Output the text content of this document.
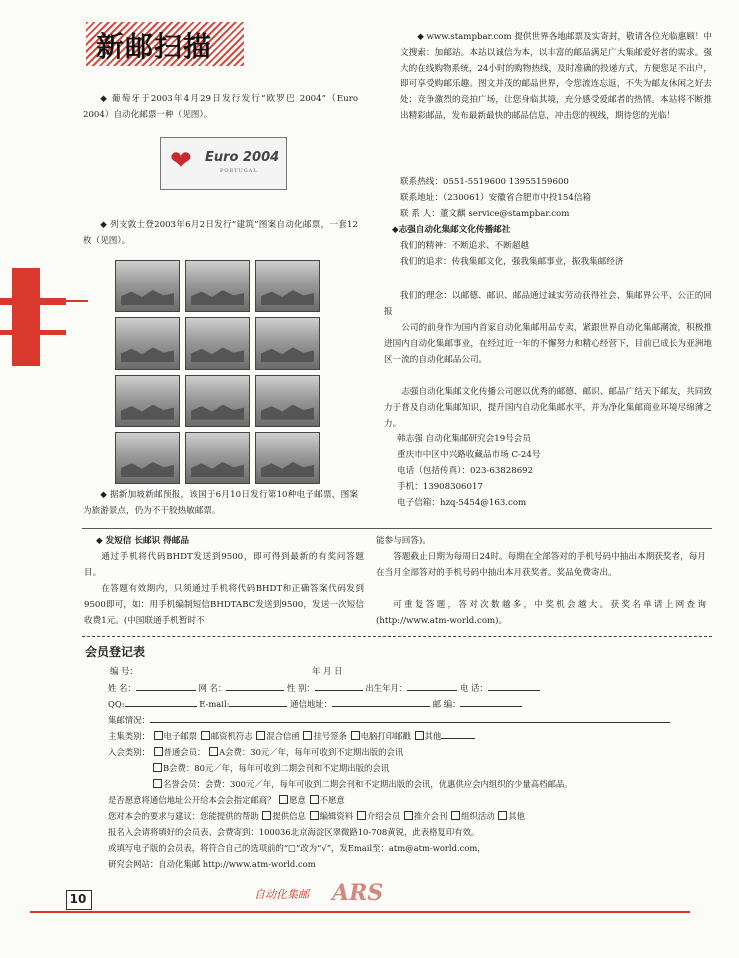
新邮扫描

◆ 葡萄牙于2003年4月29日发行发行“欧罗巴 2004”（Euro 2004）自动化邮票一种（见图）。

❤ Euro 2004
PORTUGAL

◆ 列支敦士登2003年6月2日发行“建筑”图案自动化邮票，一套12枚（见图）。

◆ 据新加坡新邮预报，该国于6月10日发行第10种电子邮票，图案为旅游景点，仍为不干胶热敏邮票。

◆ www.stampbar.com 提供世界各地邮票及实寄封，敬请各位光临惠顾！中文搜索：加邮站。本站以诚信为本，以丰富的邮品满足广大集邮爱好者的需求。强大的在线购物系统，24小时的购物热线，及时准确的投递方式，方便您足不出户，即可享受购邮乐趣。图文并茂的邮品世界，令您流连忘返，不失为邮友休闲之好去处；竞争激烈的竞拍广场，让您身临其境，充分感受爱邮者的热情。本站将不断推出精彩邮品，发布最新最快的邮品信息，冲击您的视线，期待您的光临！

联系热线：0551-5519600 13955159600

联系地址：（230061）安徽省合肥市中投154信箱

联 系 人：董文麒 service@stampbar.com

◆志强自动化集邮文化传播邮社

我们的精神：不断追求、不断超越

我们的追求：传我集邮文化，强我集邮事业，振我集邮经济

我们的理念：以邮德、邮识、邮品通过诚实劳动获得社会、集邮界公平、公正的回报

公司的前身作为国内首家自动化集邮用品专卖，紧跟世界自动化集邮潮流，积极推进国内自动化集邮事业，在经过近一年的不懈努力和精心经营下，目前已成长为亚洲地区一流的自动化邮品公司。

志强自动化集邮文化传播公司愿以优秀的邮德、邮识、邮品广结天下邮友，共同致力于普及自动化集邮知识，提升国内自动化集邮水平，并为净化集邮商业环境尽绵薄之力。

韩志强 自动化集邮研究会19号会员

重庆市中区中兴路收藏品市场 C-24号

电话（包括传真）：023-63828692

手机：13908306017

电子信箱：hzq-5454@163.com

◆ 发短信 长邮识 得邮品

通过手机将代码BHDT发送到9500，即可得到最新的有奖问答题目。

在答题有效期内，只须通过手机将代码BHDT和正确答案代码发到9500即可，如：用手机编制短信BHDTABC发送到9500，发送一次短信收费1元。(中国联通手机暂时不

能参与回答)。

答题截止日期为每周日24时。每期在全部答对的手机号码中抽出本期获奖者，每月在当月全部答对的手机号码中抽出本月获奖者。奖品免费寄出。

可重复答题，答对次数越多，中奖机会越大。获奖名单请上网查询(http://www.atm-world.com)。

会员登记表
编 号：	年 月 日
姓 名：	网 名：	性 别：	出生年月：	电 话：
QQ:	E-mail:	通信地址：	邮 编：
集邮情况：
主集类别： 电子邮票 邮资机符志 混合信函 挂号签条 电脑打印邮戳 其他
入会类别： 普通会员： A会费：30元／年，每年可收到不定期出版的会讯
B会费：80元／年，每年可收到二期会刊和不定期出版的会讯
名誉会员：会费：300元／年，每年可收到二期会刊和不定期出版的会讯，优惠供应会内组织的少量高档邮品。
是否愿意将通信地址公开给本会会指定邮商？ 愿意 不愿意
您对本会的要求与建议：您能提供的帮助 提供信息 编辑资料 介绍会员 推介会刊 组织活动 其他

报名入会请将填好的会员表、会费寄到：100036北京海淀区翠微路10-708黄锐，此表格复印有效。

或填写电子版的会员表，将符合自己的选项前的“□”改为“√”，发Email至：atm@atm-world.com，

研究会网站：自动化集邮 http://www.atm-world.com

10	自动化集邮 ARS
